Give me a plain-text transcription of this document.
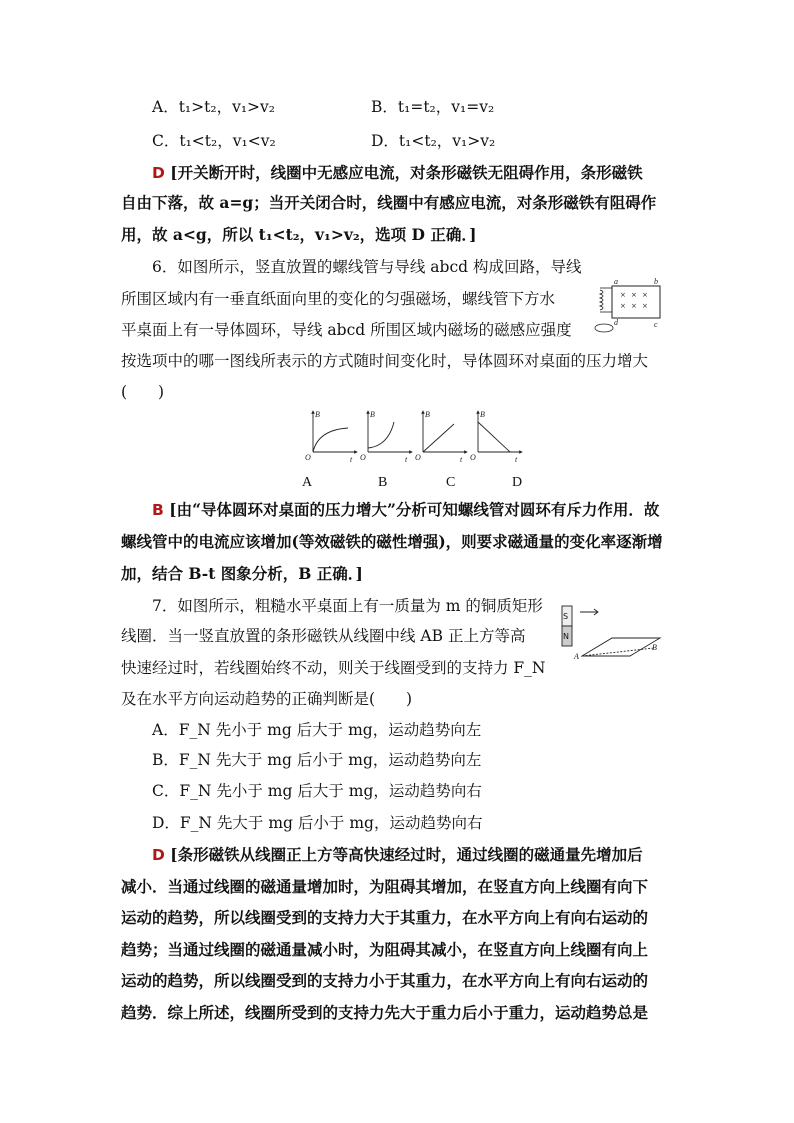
A．t₁>t₂，v₁>v₂	B．t₁=t₂，v₁=v₂
C．t₁<t₂，v₁<v₂	D．t₁<t₂，v₁>v₂
D [开关断开时，线圈中无感应电流，对条形磁铁无阻碍作用，条形磁铁
自由下落，故 a=g；当开关闭合时，线圈中有感应电流，对条形磁铁有阻碍作
用，故 a<g，所以 t₁<t₂，v₁>v₂，选项 D 正确．]
6．如图所示，竖直放置的螺线管与导线 abcd 构成回路，导线
所围区域内有一垂直纸面向里的变化的匀强磁场，螺线管下方水
平桌面上有一导体圆环，导线 abcd 所围区域内磁场的磁感应强度
按选项中的哪一图线所表示的方式随时间变化时，导体圆环对桌面的压力增大
(　　)
× × ×
× × ×
a	b
c
d
B
t
O
B
t
O
B
t
O
B
t
O
A	B	C	D
B [由“导体圆环对桌面的压力增大”分析可知螺线管对圆环有斥力作用．故
螺线管中的电流应该增加(等效磁铁的磁性增强)，则要求磁通量的变化率逐渐增
加，结合 B-t 图象分析，B 正确．]
7．如图所示，粗糙水平桌面上有一质量为 m 的铜质矩形
线圈．当一竖直放置的条形磁铁从线圈中线 AB 正上方等高
快速经过时，若线圈始终不动，则关于线圈受到的支持力 F_N
及在水平方向运动趋势的正确判断是(　　)
S
N
A
B
A．F_N 先小于 mg 后大于 mg，运动趋势向左
B．F_N 先大于 mg 后小于 mg，运动趋势向左
C．F_N 先小于 mg 后大于 mg，运动趋势向右
D．F_N 先大于 mg 后小于 mg，运动趋势向右
D [条形磁铁从线圈正上方等高快速经过时，通过线圈的磁通量先增加后
减小．当通过线圈的磁通量增加时，为阻碍其增加，在竖直方向上线圈有向下
运动的趋势，所以线圈受到的支持力大于其重力，在水平方向上有向右运动的
趋势；当通过线圈的磁通量减小时，为阻碍其减小，在竖直方向上线圈有向上
运动的趋势，所以线圈受到的支持力小于其重力，在水平方向上有向右运动的
趋势．综上所述，线圈所受到的支持力先大于重力后小于重力，运动趋势总是
